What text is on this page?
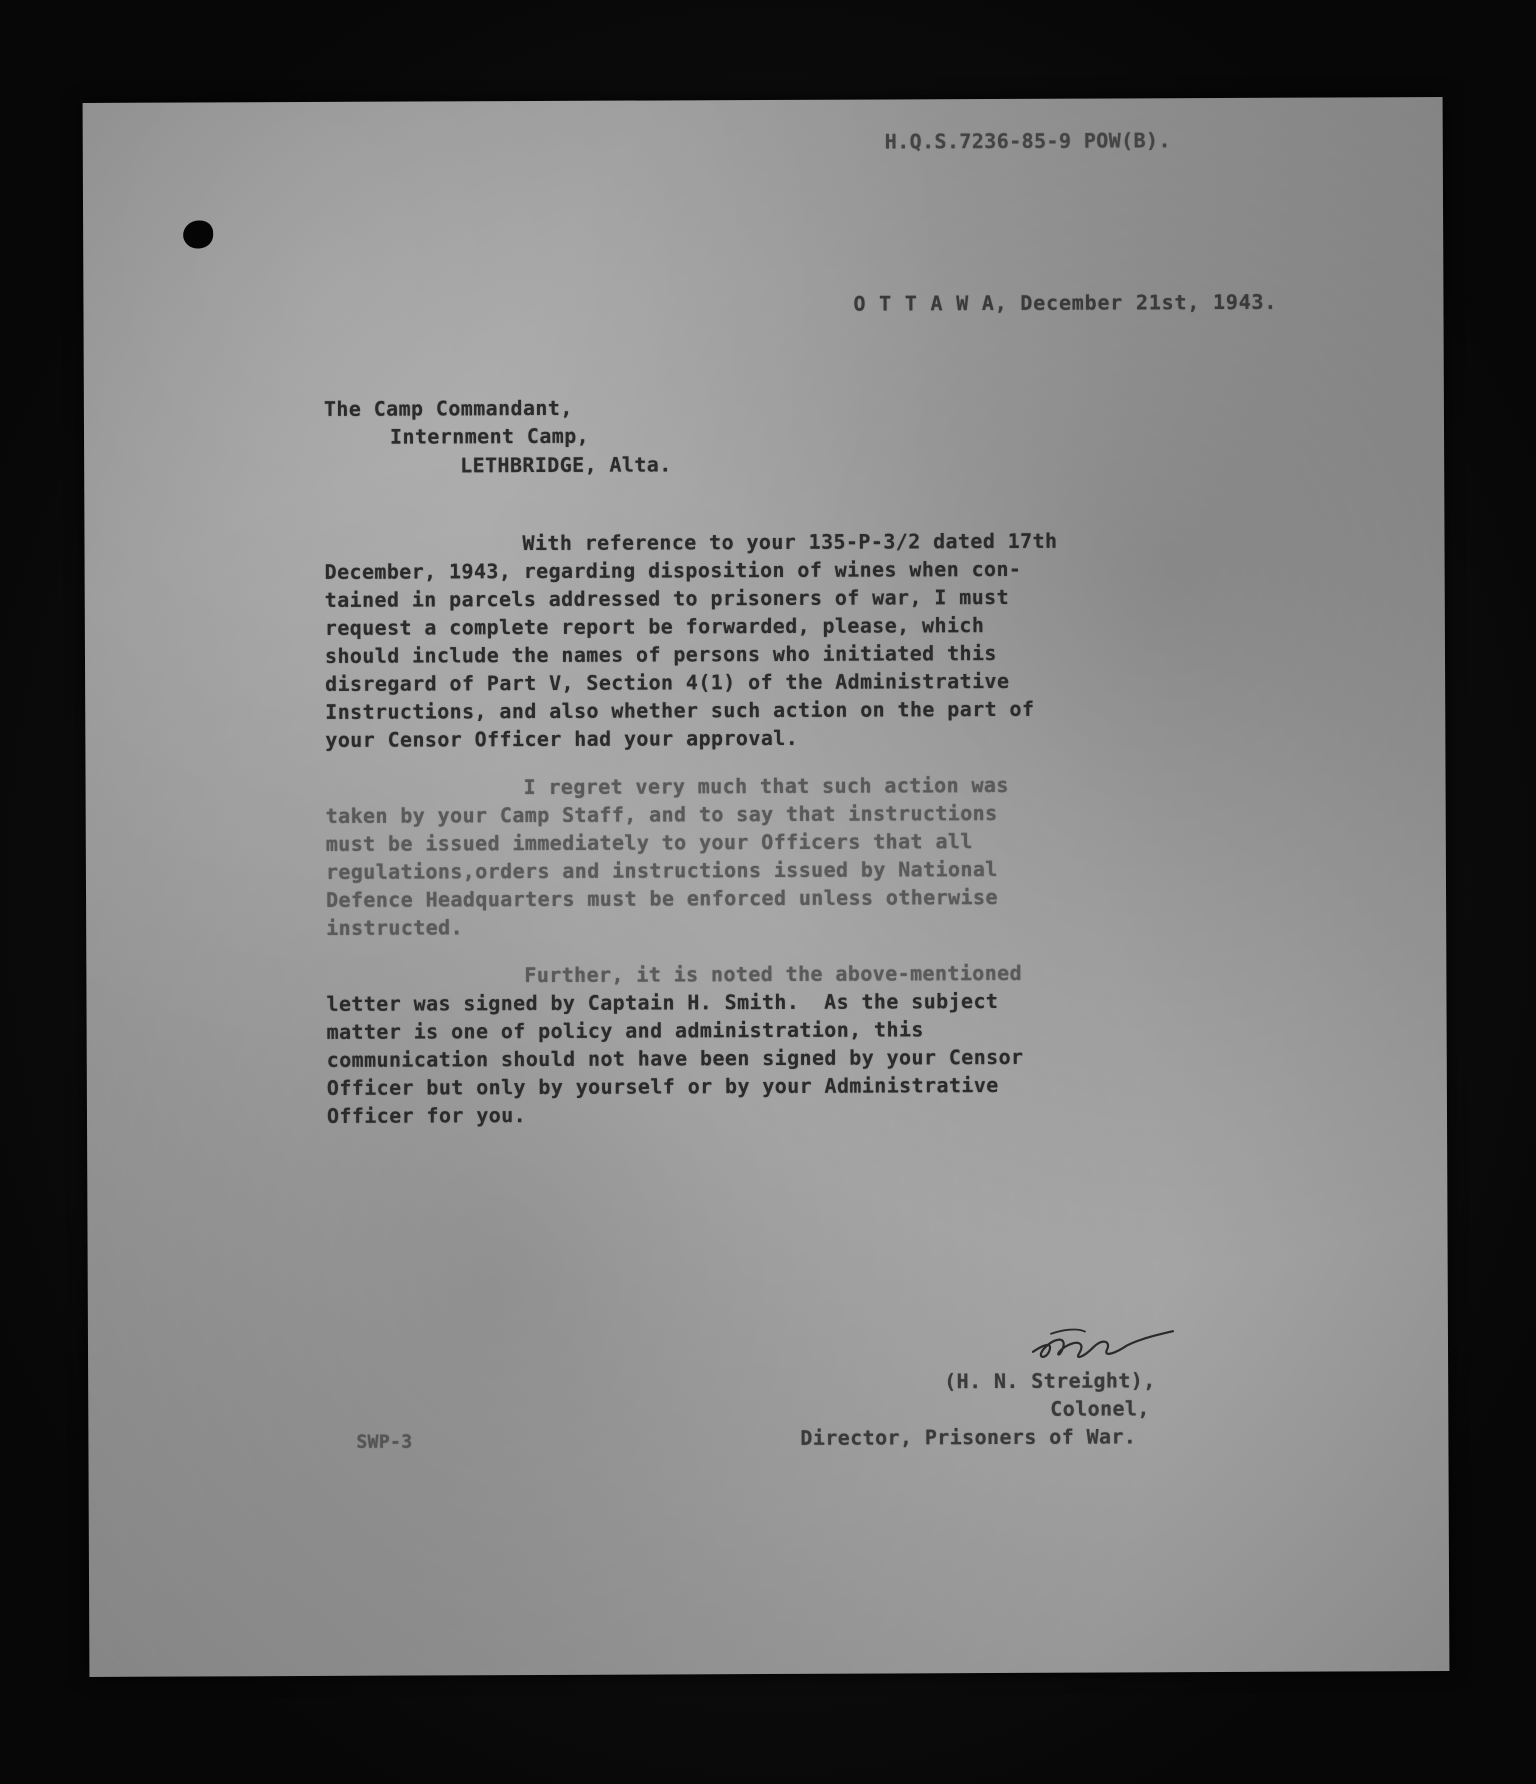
H.Q.S.7236-85-9 POW(B).
O T T A W A, December 21st, 1943.
The Camp Commandant,
Internment Camp,
LETHBRIDGE, Alta.
With reference to your 135-P-3/2 dated 17th
December, 1943, regarding disposition of wines when con-
tained in parcels addressed to prisoners of war, I must
request a complete report be forwarded, please, which
should include the names of persons who initiated this
disregard of Part V, Section 4(1) of the Administrative
Instructions, and also whether such action on the part of
your Censor Officer had your approval.
I regret very much that such action was
taken by your Camp Staff, and to say that instructions
must be issued immediately to your Officers that all
regulations,orders and instructions issued by National
Defence Headquarters must be enforced unless otherwise
instructed.
Further, it is noted the above-mentioned
letter was signed by Captain H. Smith.  As the subject
matter is one of policy and administration, this
communication should not have been signed by your Censor
Officer but only by yourself or by your Administrative
Officer for you.
(H. N. Streight),
Colonel,
Director, Prisoners of War.
SWP-3
